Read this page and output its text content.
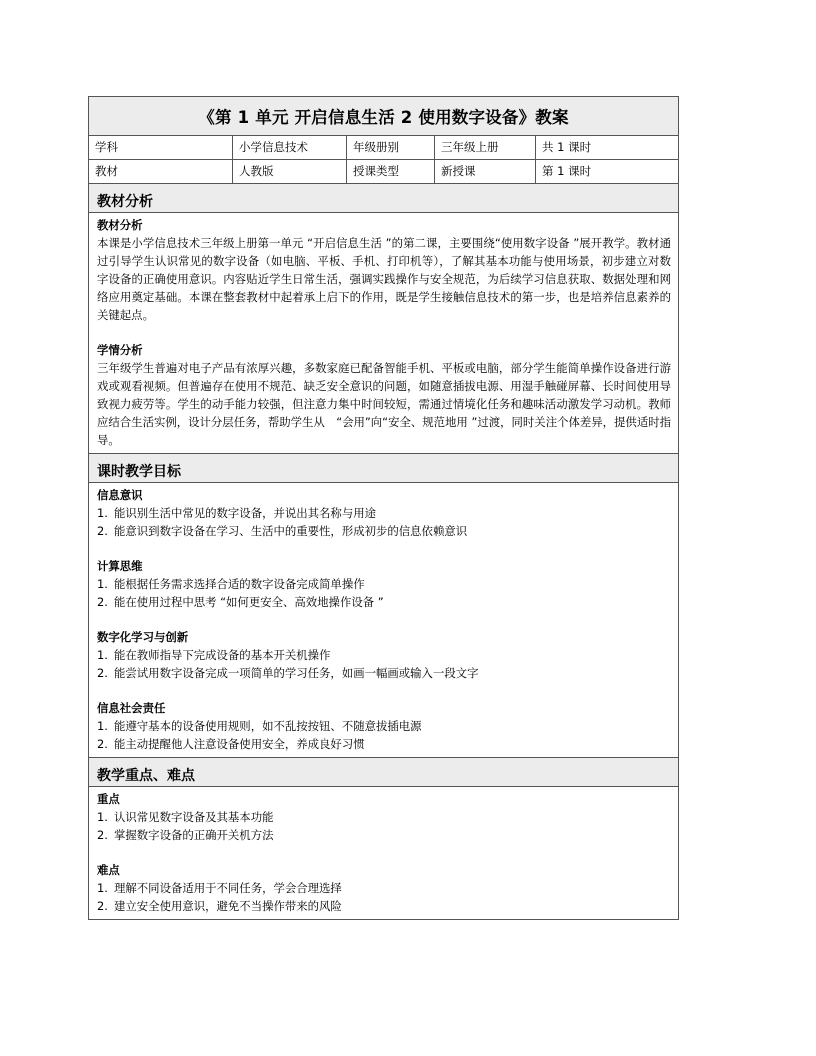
《第 1 单元 开启信息生活 2 使用数字设备》教案
学科	小学信息技术	年级册别	三年级上册	共 1 课时
教材	人教版	授课类型	新授课	第 1 课时
教材分析
教材分析

本课是小学信息技术三年级上册第一单元 “开启信息生活 ”的第二课，主要围绕“使用数字设备 ”展开教学。教材通过引导学生认识常见的数字设备（如电脑、平板、手机、打印机等），了解其基本功能与使用场景，初步建立对数字设备的正确使用意识。内容贴近学生日常生活，强调实践操作与安全规范，为后续学习信息获取、数据处理和网络应用奠定基础。本课在整套教材中起着承上启下的作用，既是学生接触信息技术的第一步，也是培养信息素养的关键起点。

学情分析

三年级学生普遍对电子产品有浓厚兴趣，多数家庭已配备智能手机、平板或电脑，部分学生能简单操作设备进行游戏或观看视频。但普遍存在使用不规范、缺乏安全意识的问题，如随意插拔电源、用湿手触碰屏幕、长时间使用导致视力疲劳等。学生的动手能力较强，但注意力集中时间较短，需通过情境化任务和趣味活动激发学习动机。教师应结合生活实例，设计分层任务，帮助学生从　“会用”向“安全、规范地用 ”过渡，同时关注个体差异，提供适时指导。

课时教学目标
信息意识
1. 能识别生活中常见的数字设备，并说出其名称与用途
2. 能意识到数字设备在学习、生活中的重要性，形成初步的信息依赖意识
计算思维
1. 能根据任务需求选择合适的数字设备完成简单操作
2. 能在使用过程中思考 “如何更安全、高效地操作设备 ”
数字化学习与创新
1. 能在教师指导下完成设备的基本开关机操作
2. 能尝试用数字设备完成一项简单的学习任务，如画一幅画或输入一段文字
信息社会责任
1. 能遵守基本的设备使用规则，如不乱按按钮、不随意拔插电源
2. 能主动提醒他人注意设备使用安全，养成良好习惯
教学重点、难点
重点
1. 认识常见数字设备及其基本功能
2. 掌握数字设备的正确开关机方法
难点
1. 理解不同设备适用于不同任务，学会合理选择
2. 建立安全使用意识，避免不当操作带来的风险
